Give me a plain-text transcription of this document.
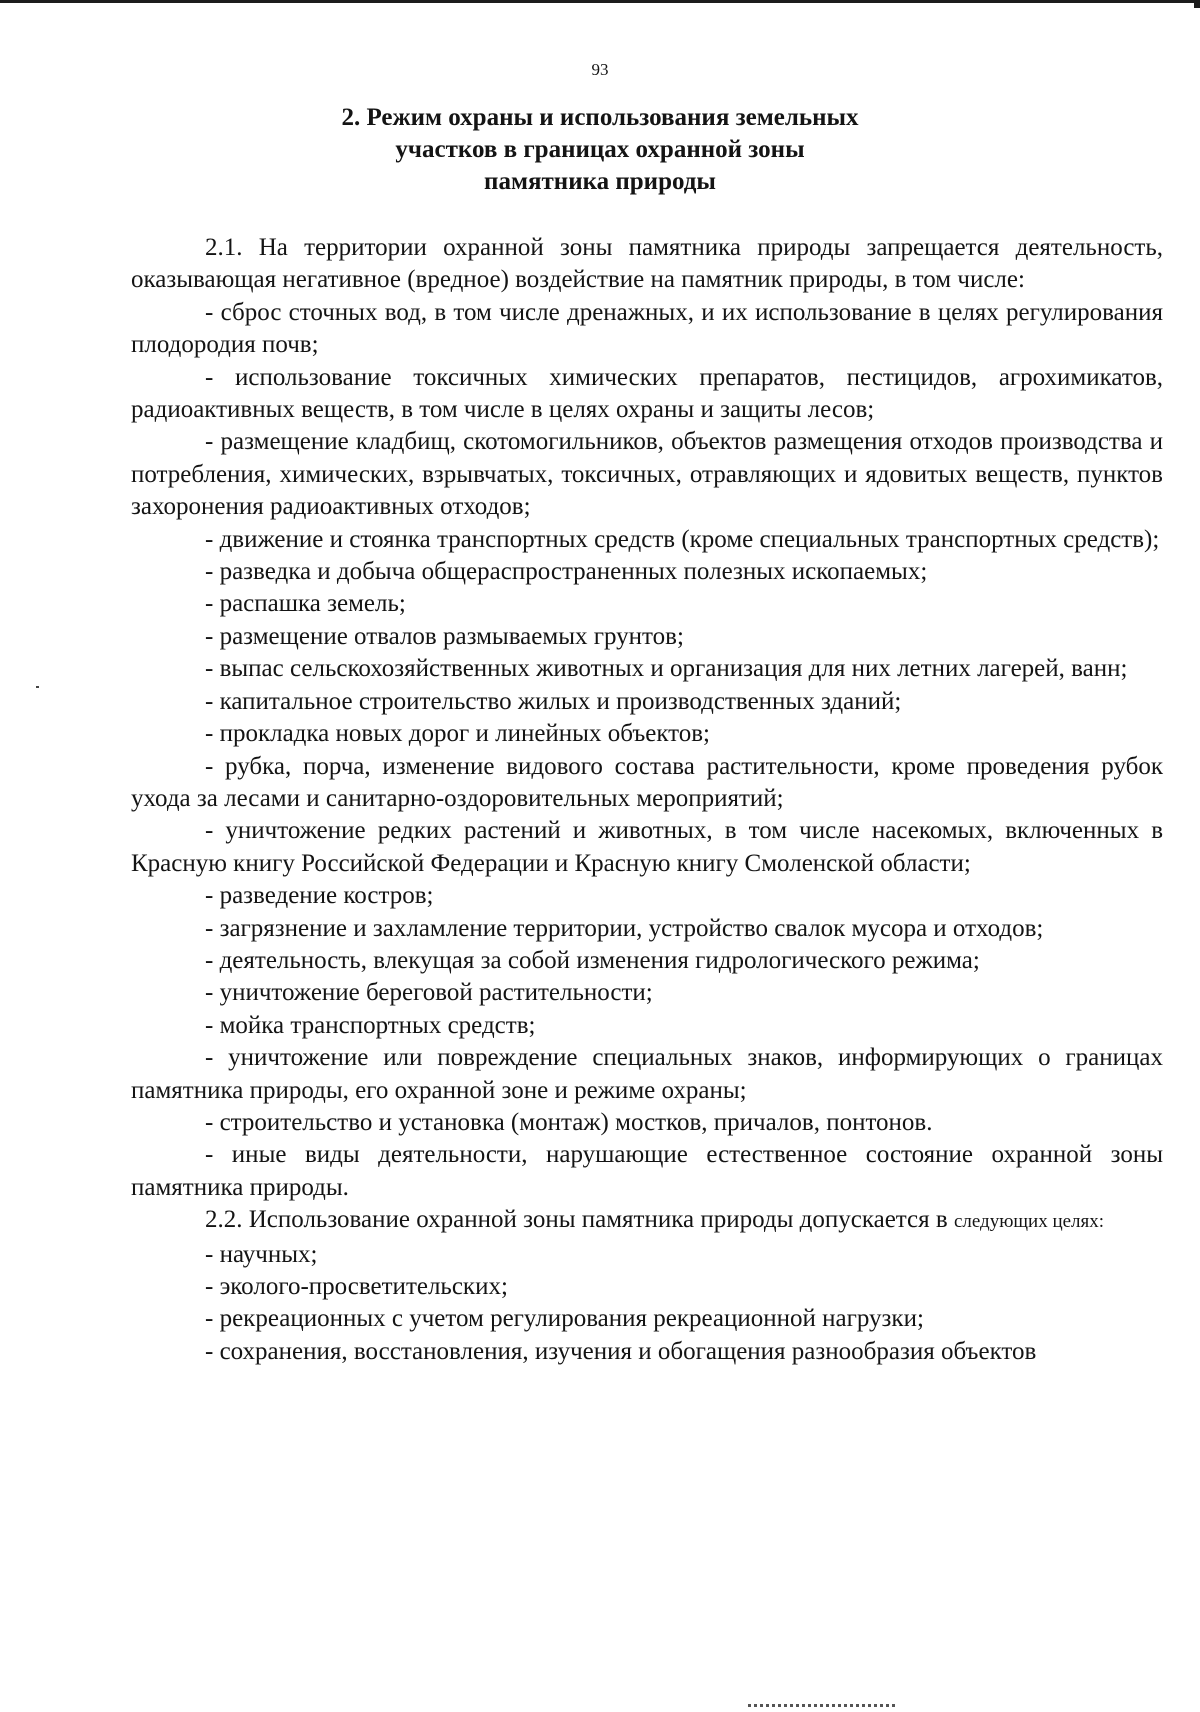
93
2. Режим охраны и использования земельных
участков в границах охранной зоны
памятника природы

2.1. На территории охранной зоны памятника природы запрещается деятельность, оказывающая негативное (вредное) воздействие на памятник природы, в том числе:

- сброс сточных вод, в том числе дренажных, и их использование в целях регулирования плодородия почв;

- использование токсичных химических препаратов, пестицидов, агрохимикатов, радиоактивных веществ, в том числе в целях охраны и защиты лесов;

- размещение кладбищ, скотомогильников, объектов размещения отходов производства и потребления, химических, взрывчатых, токсичных, отравляющих и ядовитых веществ, пунктов захоронения радиоактивных отходов;

- движение и стоянка транспортных средств (кроме специальных транспортных средств);

- разведка и добыча общераспространенных полезных ископаемых;

- распашка земель;

- размещение отвалов размываемых грунтов;

- выпас сельскохозяйственных животных и организация для них летних лагерей, ванн;

- капитальное строительство жилых и производственных зданий;

- прокладка новых дорог и линейных объектов;

- рубка, порча, изменение видового состава растительности, кроме проведения рубок ухода за лесами и санитарно-оздоровительных мероприятий;

- уничтожение редких растений и животных, в том числе насекомых, включенных в Красную книгу Российской Федерации и Красную книгу Смоленской области;

- разведение костров;

- загрязнение и захламление территории, устройство свалок мусора и отходов;

- деятельность, влекущая за собой изменения гидрологического режима;

- уничтожение береговой растительности;

- мойка транспортных средств;

- уничтожение или повреждение специальных знаков, информирующих о границах памятника природы, его охранной зоне и режиме охраны;

- строительство и установка (монтаж) мостков, причалов, понтонов.

- иные виды деятельности, нарушающие естественное состояние охранной зоны памятника природы.

2.2. Использование охранной зоны памятника природы допускается в следующих целях:

- научных;

- эколого-просветительских;

- рекреационных с учетом регулирования рекреационной нагрузки;

- сохранения, восстановления, изучения и обогащения разнообразия объектов
